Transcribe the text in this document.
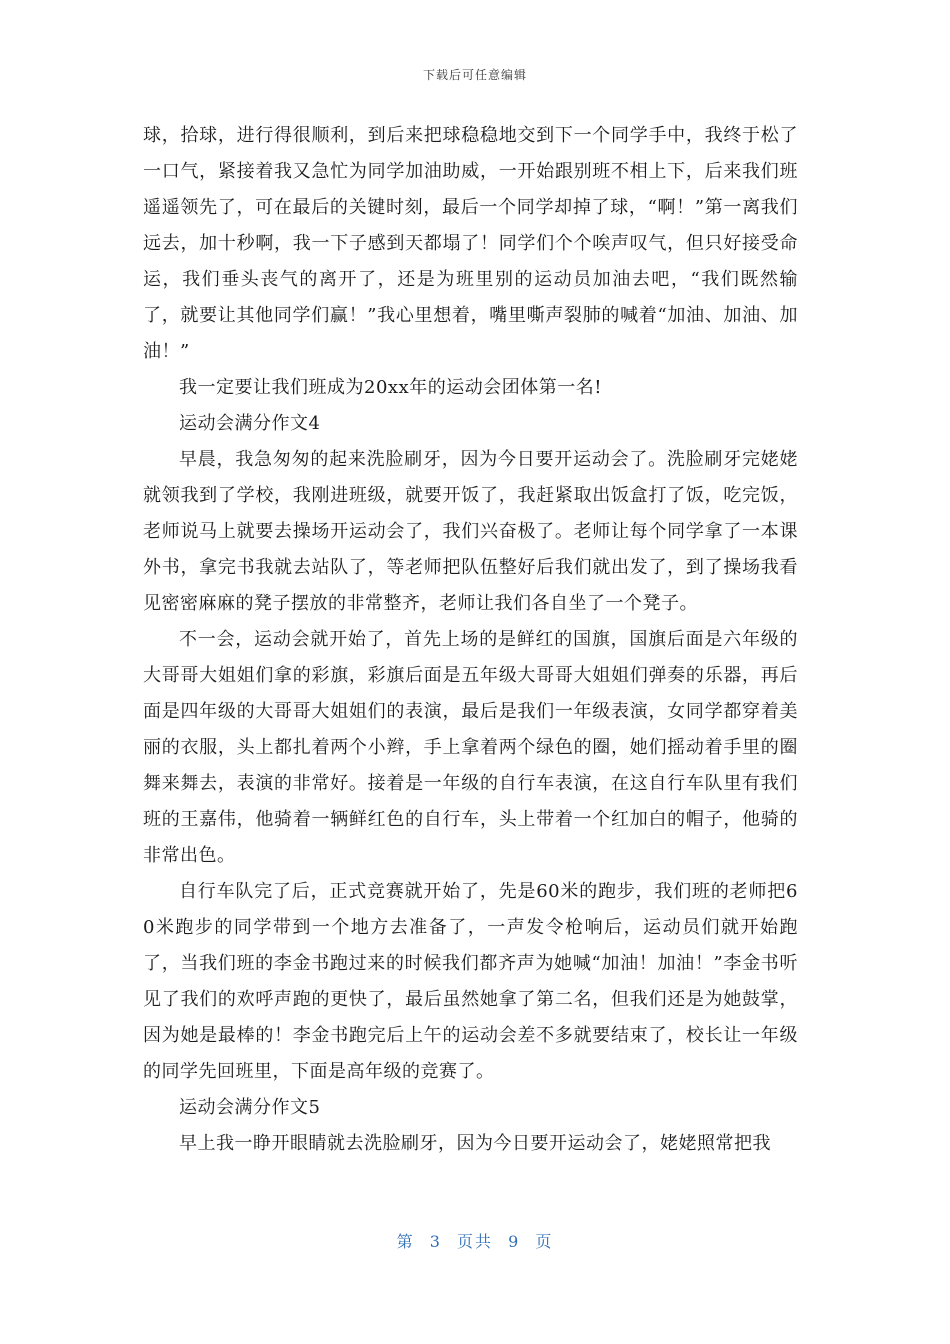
下载后可任意编辑

球，拾球，进行得很顺利，到后来把球稳稳地交到下一个同学手中，我终于松了一口气，紧接着我又急忙为同学加油助威，一开始跟别班不相上下，后来我们班遥遥领先了，可在最后的关键时刻，最后一个同学却掉了球，“啊！”第一离我们远去，加十秒啊，我一下子感到天都塌了！同学们个个唉声叹气，但只好接受命运，我们垂头丧气的离开了，还是为班里别的运动员加油去吧，“我们既然输了，就要让其他同学们赢！”我心里想着，嘴里嘶声裂肺的喊着“加油、加油、加油！”

我一定要让我们班成为20xx年的运动会团体第一名!

运动会满分作文4

早晨，我急匆匆的起来洗脸刷牙，因为今日要开运动会了。洗脸刷牙完姥姥就领我到了学校，我刚进班级，就要开饭了，我赶紧取出饭盒打了饭，吃完饭，老师说马上就要去操场开运动会了，我们兴奋极了。老师让每个同学拿了一本课外书，拿完书我就去站队了，等老师把队伍整好后我们就出发了，到了操场我看见密密麻麻的凳子摆放的非常整齐，老师让我们各自坐了一个凳子。

不一会，运动会就开始了，首先上场的是鲜红的国旗，国旗后面是六年级的大哥哥大姐姐们拿的彩旗，彩旗后面是五年级大哥哥大姐姐们弹奏的乐器，再后面是四年级的大哥哥大姐姐们的表演，最后是我们一年级表演，女同学都穿着美丽的衣服，头上都扎着两个小辫，手上拿着两个绿色的圈，她们摇动着手里的圈舞来舞去，表演的非常好。接着是一年级的自行车表演，在这自行车队里有我们班的王嘉伟，他骑着一辆鲜红色的自行车，头上带着一个红加白的帽子，他骑的非常出色。

自行车队完了后，正式竞赛就开始了，先是60米的跑步，我们班的老师把60米跑步的同学带到一个地方去准备了，一声发令枪响后，运动员们就开始跑了，当我们班的李金书跑过来的时候我们都齐声为她喊“加油！加油！”李金书听见了我们的欢呼声跑的更快了，最后虽然她拿了第二名，但我们还是为她鼓掌，因为她是最棒的！李金书跑完后上午的运动会差不多就要结束了，校长让一年级的同学先回班里，下面是高年级的竞赛了。

运动会满分作文5

早上我一睁开眼睛就去洗脸刷牙，因为今日要开运动会了，姥姥照常把我

第 3 页共 9 页
